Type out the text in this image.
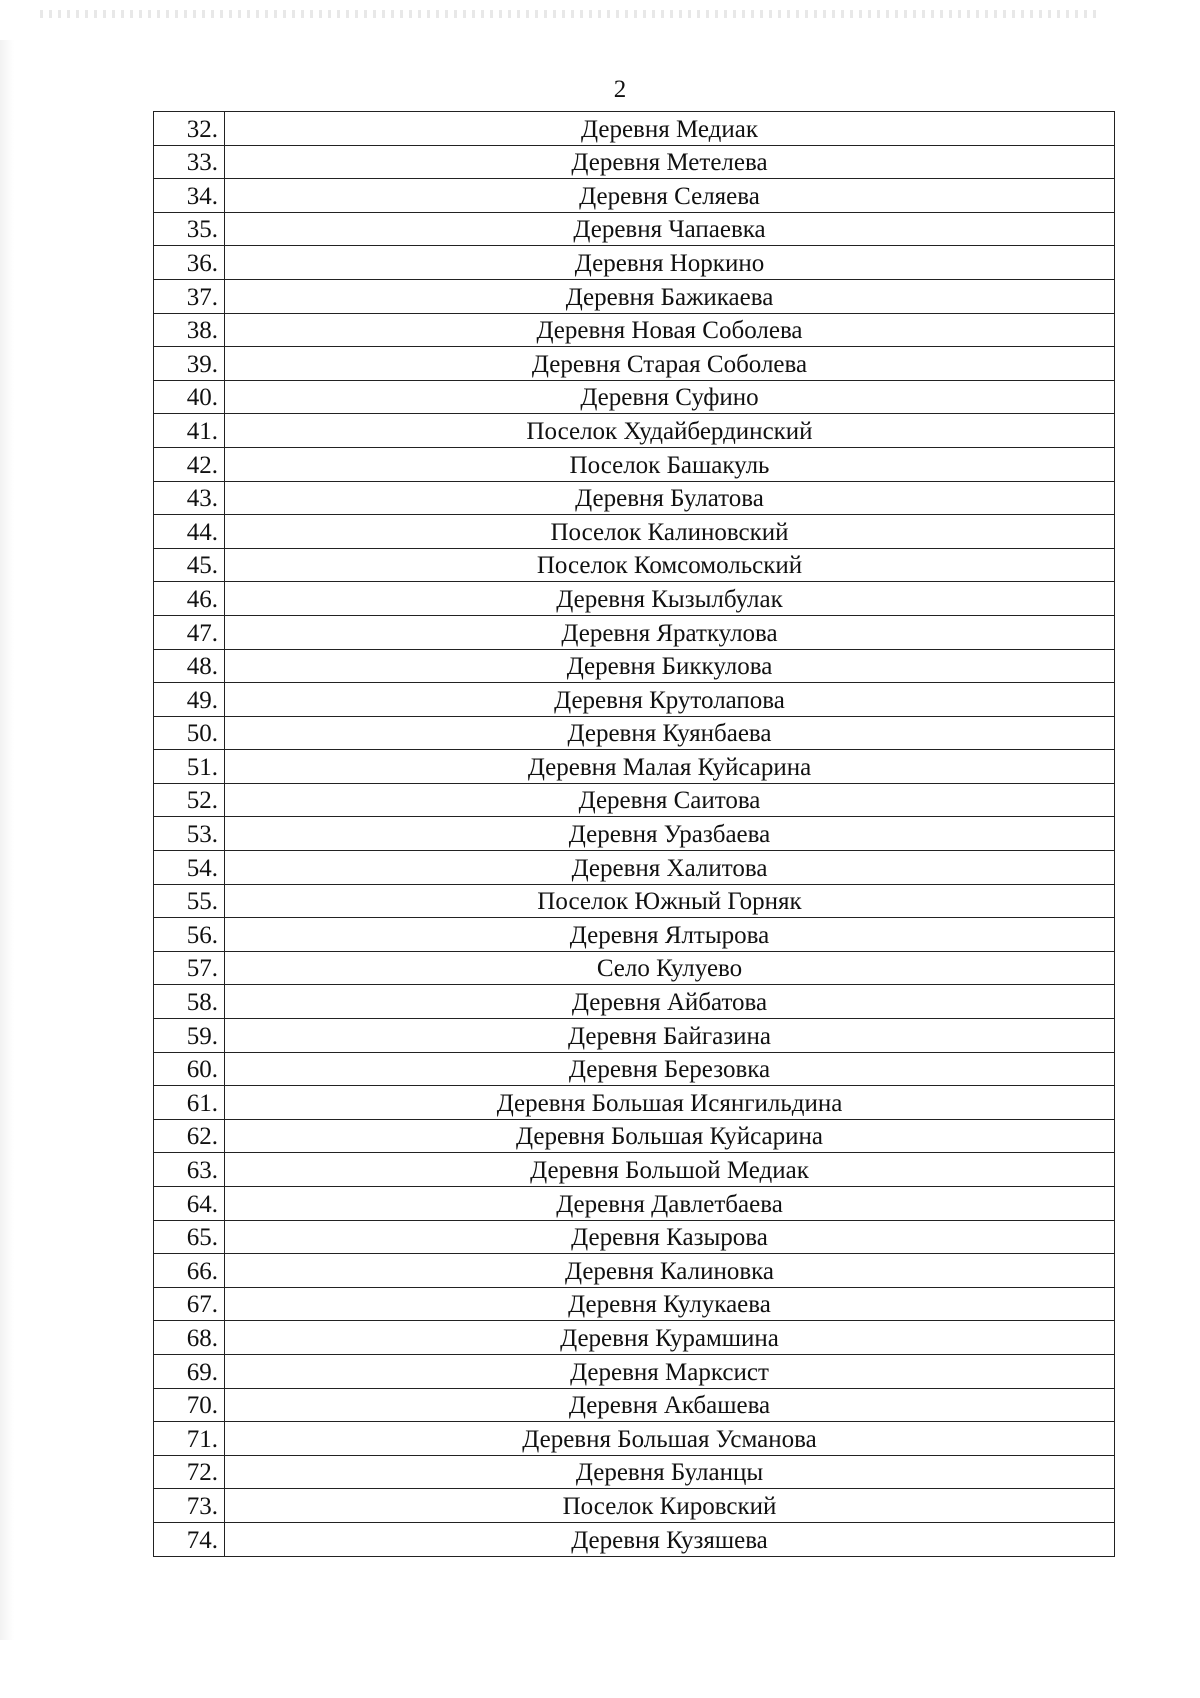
2
32.	Деревня Медиак
33.	Деревня Метелева
34.	Деревня Селяева
35.	Деревня Чапаевка
36.	Деревня Норкино
37.	Деревня Бажикаева
38.	Деревня Новая Соболева
39.	Деревня Старая Соболева
40.	Деревня Суфино
41.	Поселок Худайбердинский
42.	Поселок Башакуль
43.	Деревня Булатова
44.	Поселок Калиновский
45.	Поселок Комсомольский
46.	Деревня Кызылбулак
47.	Деревня Яраткулова
48.	Деревня Биккулова
49.	Деревня Крутолапова
50.	Деревня Куянбаева
51.	Деревня Малая Куйсарина
52.	Деревня Саитова
53.	Деревня Уразбаева
54.	Деревня Халитова
55.	Поселок Южный Горняк
56.	Деревня Ялтырова
57.	Село Кулуево
58.	Деревня Айбатова
59.	Деревня Байгазина
60.	Деревня Березовка
61.	Деревня Большая Исянгильдина
62.	Деревня Большая Куйсарина
63.	Деревня Большой Медиак
64.	Деревня Давлетбаева
65.	Деревня Казырова
66.	Деревня Калиновка
67.	Деревня Кулукаева
68.	Деревня Курамшина
69.	Деревня Марксист
70.	Деревня Акбашева
71.	Деревня Большая Усманова
72.	Деревня Буланцы
73.	Поселок Кировский
74.	Деревня Кузяшева
